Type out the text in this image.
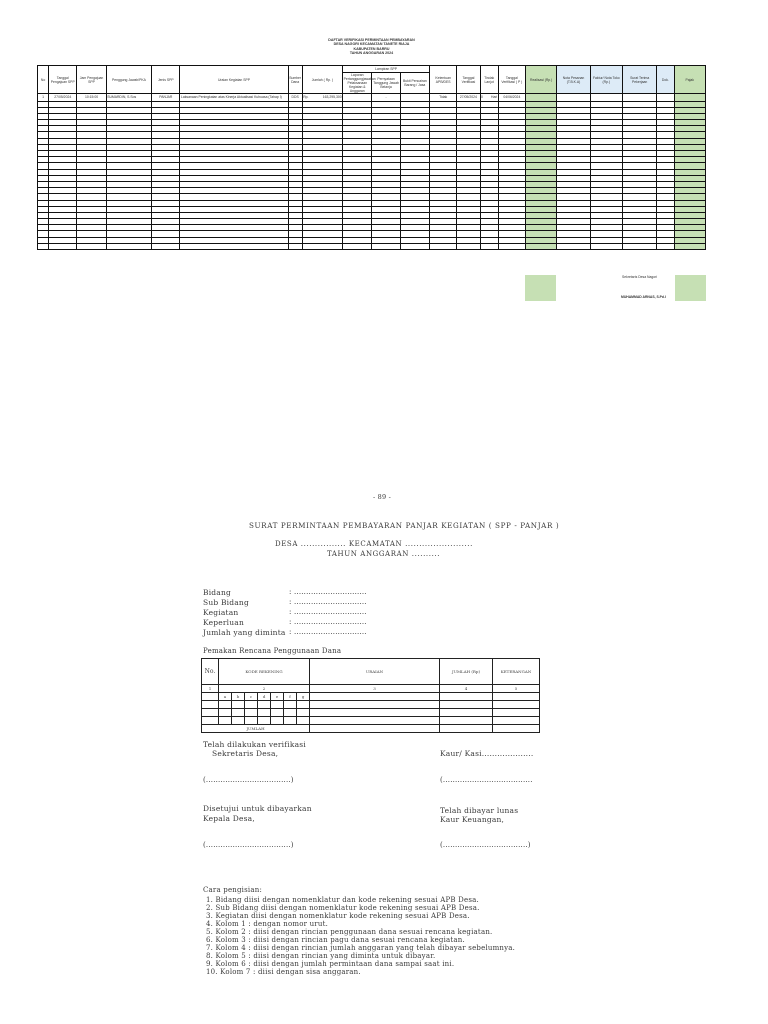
DAFTAR VERIFIKASI PERMINTAAN PEMBAYARAN
DESA NAGORI KECAMATAN TANETE RIAJA
KABUPATEN BARRU
TAHUN ANGGARAN 2024
No	Tanggal Pengajuan SPP	Jam Pengajuan SPP	Penggung Jawab/PKA	Jenis SPP	Uraian Kegiatan SPP	Sumber Dana	Jumlah ( Rp. )	Lampiran SPP			Ketentuan APB/DES	Tanggal Verifikasi	Tindak Lanjut	Tanggal Verifikasi ( P )	Realisasi (Rp.)	Nota Pesanan (T.B.K.A)	Faktur/ Nota Toko (Rp.)	Surat Terima Pekerjaan	Dok.	Pajak
								Laporan Pertanggungjawaban Pelaksanaan Kegiatan & Anggaran	Pernyataan Tanggung Jawab Belanja	Bukti Pencairan Barang / Jasa										
1	27/05/2024	10:15:00	SUMARDIN, S.Sos	PANJAR	Laksanaan Peningkatan atas Kinerja Aktualisasi Kuhuasa (Tahap I)	DDS	Rp. 163,295,300		-		Tidak	27/05/2024	0 Hari	04/06/2024						

Sekretaris Desa Nagori
MUHAMMAD ARNAS, S.Pd.I
- 89 -
SURAT PERMINTAAN PEMBAYARAN PANJAR KEGIATAN ( SPP - PANJAR )
DESA ................ KECAMATAN ........................
TAHUN ANGGARAN ..........
Bidang	: ..............................
Sub Bidang	: ..............................
Kegiatan	: ..............................
Keperluan	: ..............................
Jumlah yang diminta : ..............................
Pemakan Rencana Penggunaan Dana
No.	KODE REKENING							URAIAN	JUMLAH (Rp)	KETERANGAN
1	2							3	4	5
	a	b	c	d	e	f	g			

JUMLAH										
Telah dilakukan verifikasi
Sekretaris Desa,	Kaur/ Kasi....................
(...................................)	(.....................................
Disetujui untuk dibayarkan
Kepala Desa,
Telah dibayar lunas
Kaur Keuangan,
(...................................)	(...................................)
Cara pengisian:
1. Bidang diisi dengan nomenklatur dan kode rekening sesuai APB Desa.
2. Sub Bidang diisi dengan nomenklatur kode rekening sesuai APB Desa.
3. Kegiatan diisi dengan nomenklatur kode rekening sesuai APB Desa.
4. Kolom 1 : dengan nomor urut.
5. Kolom 2 : diisi dengan rincian penggunaan dana sesuai rencana kegiatan.
6. Kolom 3 : diisi dengan rincian pagu dana sesuai rencana kegiatan.
7. Kolom 4 : diisi dengan rincian jumlah anggaran yang telah dibayar sebelumnya.
8. Kolom 5 : diisi dengan rincian yang diminta untuk dibayar.
9. Kolom 6 : diisi dengan jumlah permintaan dana sampai saat ini.
10. Kolom 7 : diisi dengan sisa anggaran.
